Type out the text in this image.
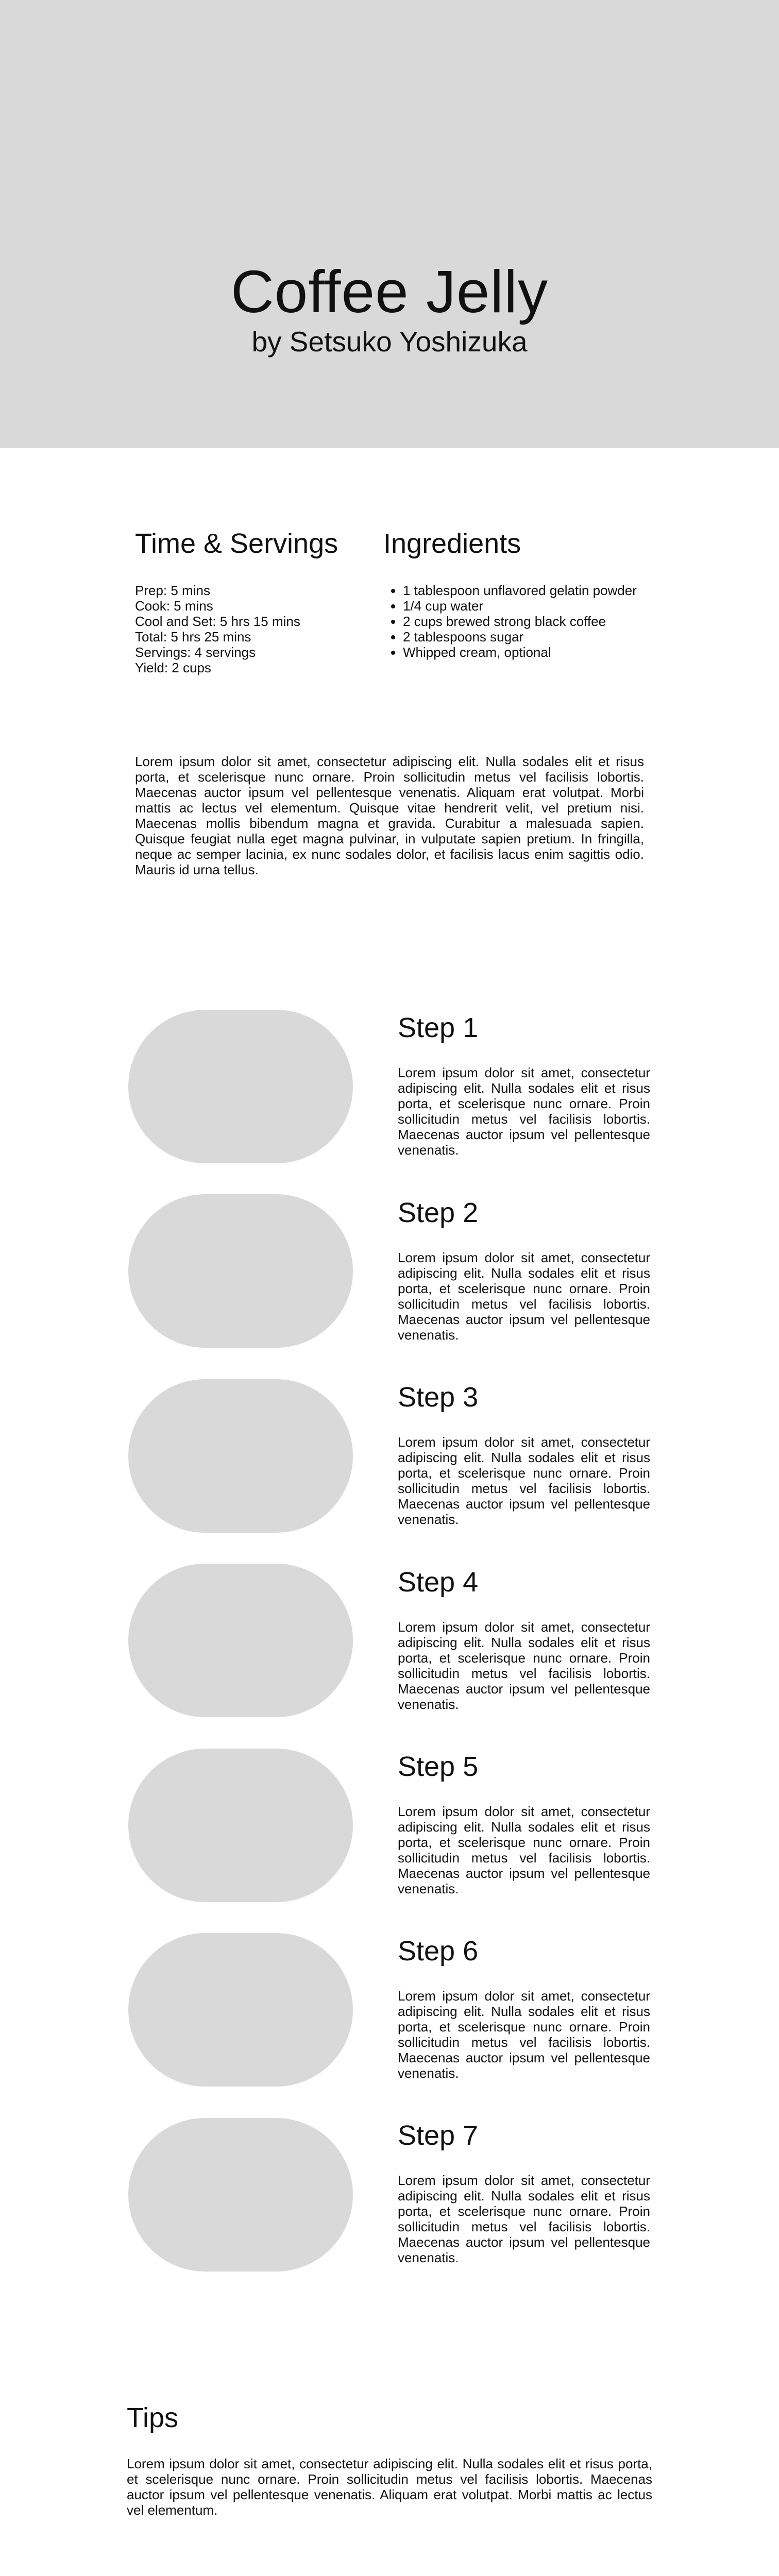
Coffee Jelly
by Setsuko Yoshizuka
Time & Servings
Prep: 5 mins
Cook: 5 mins
Cool and Set: 5 hrs 15 mins
Total: 5 hrs 25 mins
Servings: 4 servings
Yield: 2 cups
Ingredients
• 1 tablespoon unflavored gelatin powder
• 1/4 cup water
• 2 cups brewed strong black coffee
• 2 tablespoons sugar
• Whipped cream, optional

Lorem ipsum dolor sit amet, consectetur adipiscing elit. Nulla sodales elit et risus porta, et scelerisque nunc ornare. Proin sollicitudin metus vel facilisis lobortis. Maecenas auctor ipsum vel pellentesque venenatis. Aliquam erat volutpat. Morbi mattis ac lectus vel elementum. Quisque vitae hendrerit velit, vel pretium nisi. Maecenas mollis bibendum magna et gravida. Curabitur a malesuada sapien. Quisque feugiat nulla eget magna pulvinar, in vulputate sapien pretium. In fringilla, neque ac semper lacinia, ex nunc sodales dolor, et facilisis lacus enim sagittis odio. Mauris id urna tellus.

Step 1

Lorem ipsum dolor sit amet, consectetur adipiscing elit. Nulla sodales elit et risus porta, et scelerisque nunc ornare. Proin sollicitudin metus vel facilisis lobortis. Maecenas auctor ipsum vel pellentesque venenatis.

Step 2

Lorem ipsum dolor sit amet, consectetur adipiscing elit. Nulla sodales elit et risus porta, et scelerisque nunc ornare. Proin sollicitudin metus vel facilisis lobortis. Maecenas auctor ipsum vel pellentesque venenatis.

Step 3

Lorem ipsum dolor sit amet, consectetur adipiscing elit. Nulla sodales elit et risus porta, et scelerisque nunc ornare. Proin sollicitudin metus vel facilisis lobortis. Maecenas auctor ipsum vel pellentesque venenatis.

Step 4

Lorem ipsum dolor sit amet, consectetur adipiscing elit. Nulla sodales elit et risus porta, et scelerisque nunc ornare. Proin sollicitudin metus vel facilisis lobortis. Maecenas auctor ipsum vel pellentesque venenatis.

Step 5

Lorem ipsum dolor sit amet, consectetur adipiscing elit. Nulla sodales elit et risus porta, et scelerisque nunc ornare. Proin sollicitudin metus vel facilisis lobortis. Maecenas auctor ipsum vel pellentesque venenatis.

Step 6

Lorem ipsum dolor sit amet, consectetur adipiscing elit. Nulla sodales elit et risus porta, et scelerisque nunc ornare. Proin sollicitudin metus vel facilisis lobortis. Maecenas auctor ipsum vel pellentesque venenatis.

Step 7

Lorem ipsum dolor sit amet, consectetur adipiscing elit. Nulla sodales elit et risus porta, et scelerisque nunc ornare. Proin sollicitudin metus vel facilisis lobortis. Maecenas auctor ipsum vel pellentesque venenatis.

Tips

Lorem ipsum dolor sit amet, consectetur adipiscing elit. Nulla sodales elit et risus porta, et scelerisque nunc ornare. Proin sollicitudin metus vel facilisis lobortis. Maecenas auctor ipsum vel pellentesque venenatis. Aliquam erat volutpat. Morbi mattis ac lectus vel elementum.
